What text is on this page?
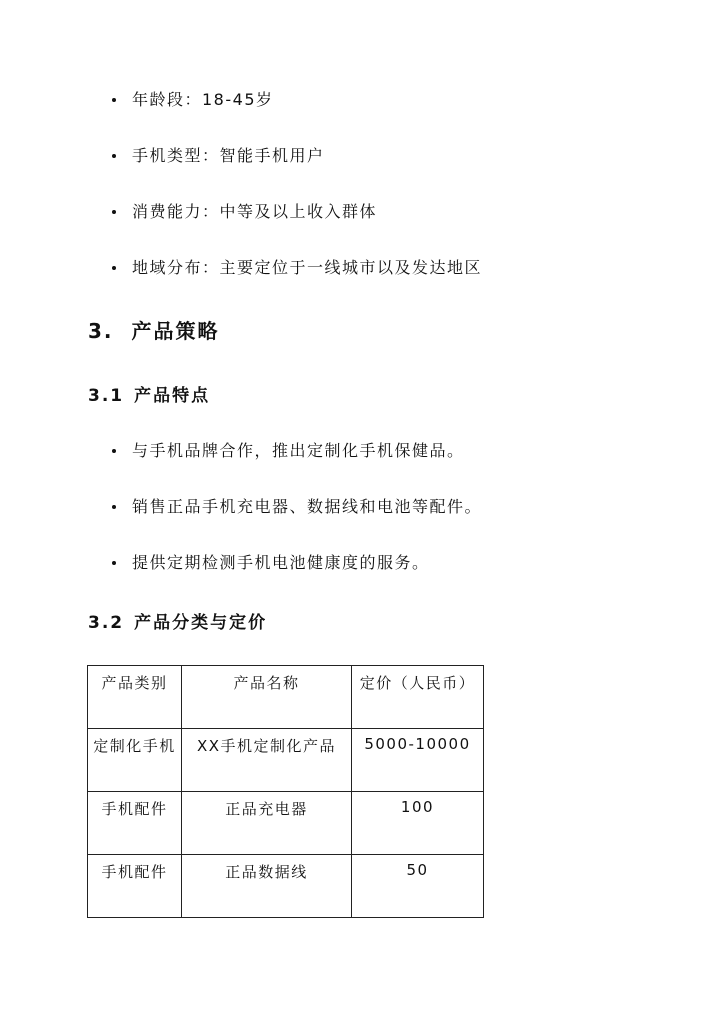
年龄段：18-45岁
手机类型：智能手机用户
消费能力：中等及以上收入群体
地域分布：主要定位于一线城市以及发达地区
3. 产品策略
3.1 产品特点
与手机品牌合作，推出定制化手机保健品。
销售正品手机充电器、数据线和电池等配件。
提供定期检测手机电池健康度的服务。
3.2 产品分类与定价
产品类别	产品名称	定价（人民币）
定制化手机	XX手机定制化产品	5000-10000
手机配件	正品充电器	100
手机配件	正品数据线	50
